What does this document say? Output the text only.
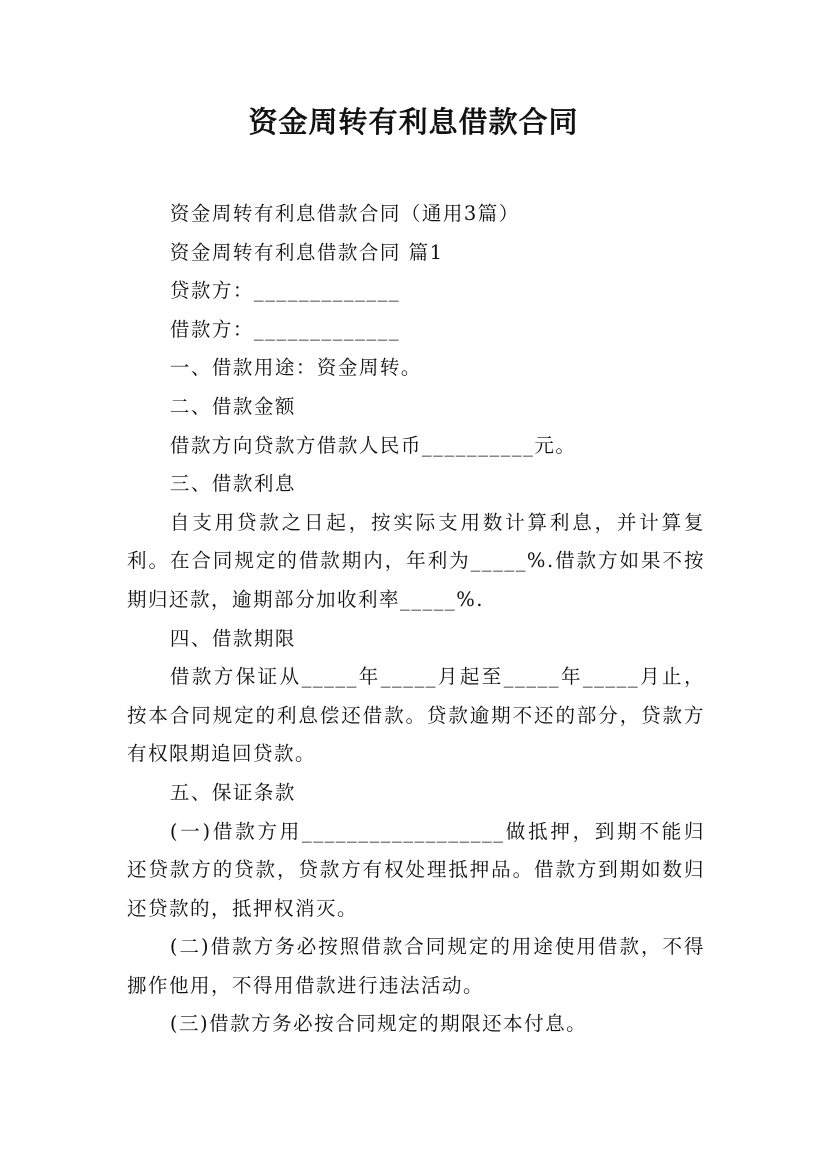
资金周转有利息借款合同

资金周转有利息借款合同（通用3篇）

资金周转有利息借款合同 篇1

贷款方：_____________

借款方：_____________

一、借款用途：资金周转。

二、借款金额

借款方向贷款方借款人民币__________元。

三、借款利息

自支用贷款之日起，按实际支用数计算利息，并计算复利。在合同规定的借款期内，年利为_____%.借款方如果不按期归还款，逾期部分加收利率_____%.

四、借款期限

借款方保证从_____年_____月起至_____年_____月止，按本合同规定的利息偿还借款。贷款逾期不还的部分，贷款方有权限期追回贷款。

五、保证条款

(一)借款方用__________________做抵押，到期不能归还贷款方的贷款，贷款方有权处理抵押品。借款方到期如数归还贷款的，抵押权消灭。

(二)借款方务必按照借款合同规定的用途使用借款，不得挪作他用，不得用借款进行违法活动。

(三)借款方务必按合同规定的期限还本付息。
